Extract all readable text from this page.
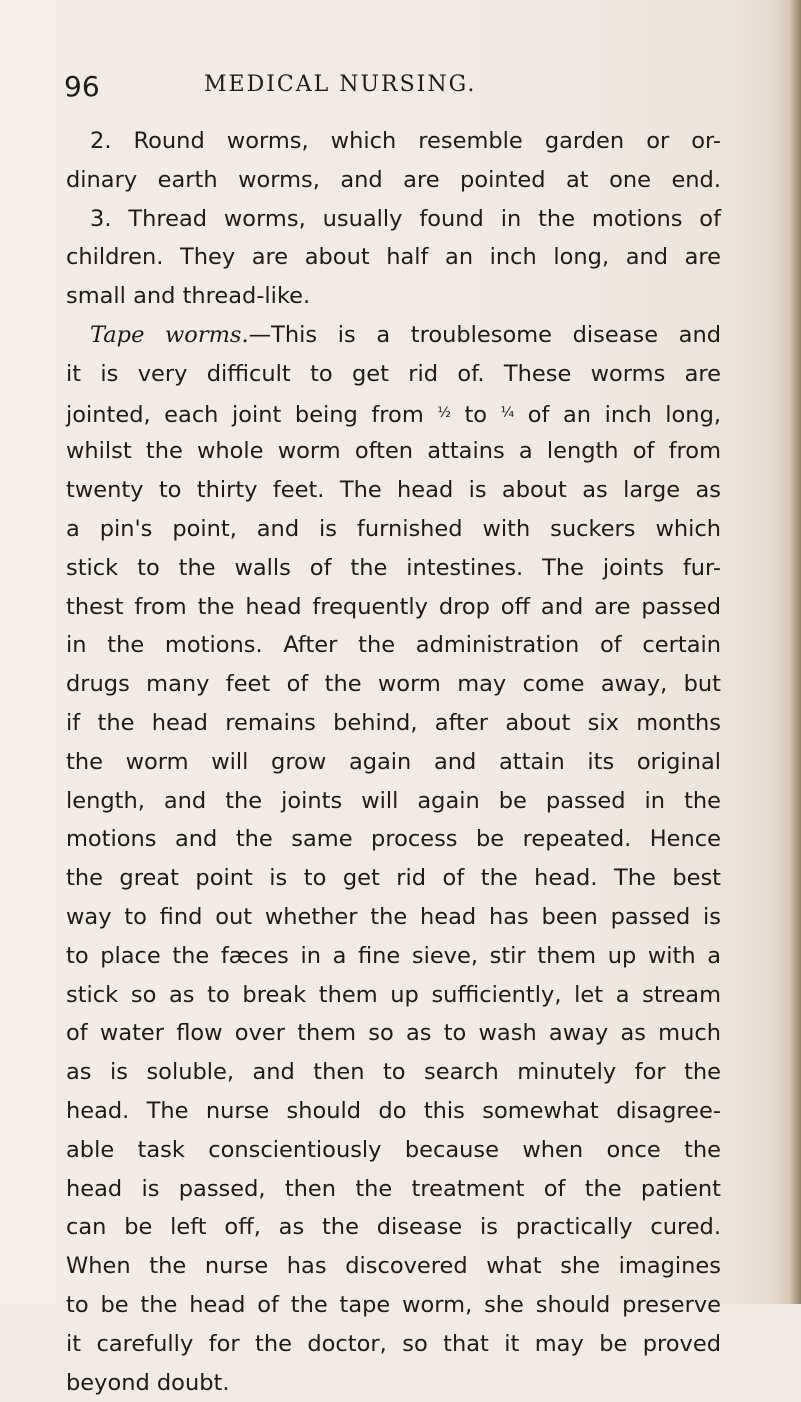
96	MEDICAL NURSING.
2. Round worms, which resemble garden or or-
dinary earth worms, and are pointed at one end.
3. Thread worms, usually found in the motions of
children. They are about half an inch long, and are
small and thread-like.
Tape worms.—This is a troublesome disease and
it is very difficult to get rid of. These worms are
jointed, each joint being from ½ to ¼ of an inch long,
whilst the whole worm often attains a length of from
twenty to thirty feet. The head is about as large as
a pin's point, and is furnished with suckers which
stick to the walls of the intestines. The joints fur-
thest from the head frequently drop off and are passed
in the motions. After the administration of certain
drugs many feet of the worm may come away, but
if the head remains behind, after about six months
the worm will grow again and attain its original
length, and the joints will again be passed in the
motions and the same process be repeated. Hence
the great point is to get rid of the head. The best
way to find out whether the head has been passed is
to place the fæces in a fine sieve, stir them up with a
stick so as to break them up sufficiently, let a stream
of water flow over them so as to wash away as much
as is soluble, and then to search minutely for the
head. The nurse should do this somewhat disagree-
able task conscientiously because when once the
head is passed, then the treatment of the patient
can be left off, as the disease is practically cured.
When the nurse has discovered what she imagines
to be the head of the tape worm, she should preserve
it carefully for the doctor, so that it may be proved
beyond doubt.
